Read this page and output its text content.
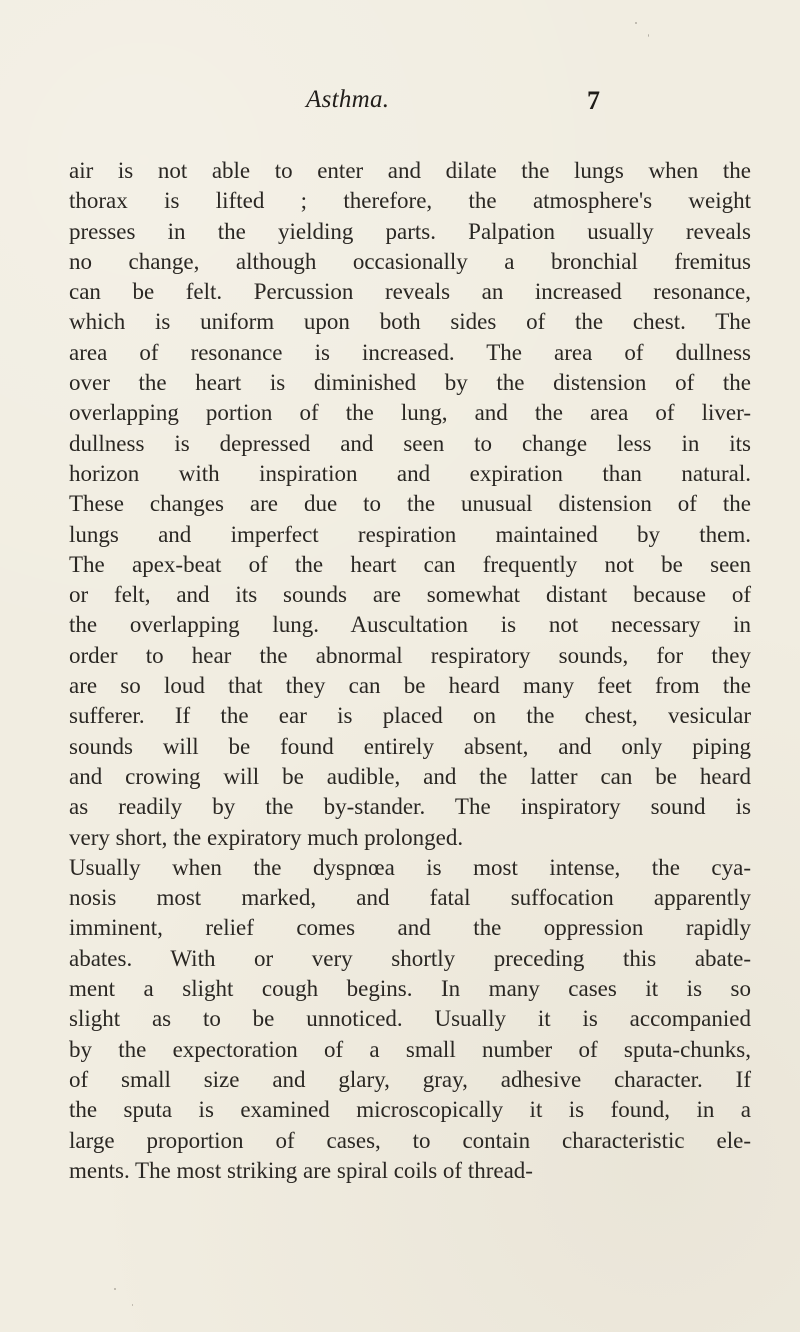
Asthma.	7
air is not able to enter and dilate the lungs when the
thorax is lifted ; therefore, the atmosphere's weight
presses in the yielding parts. Palpation usually reveals
no change, although occasionally a bronchial fremitus
can be felt. Percussion reveals an increased resonance,
which is uniform upon both sides of the chest. The
area of resonance is increased. The area of dullness
over the heart is diminished by the distension of the
overlapping portion of the lung, and the area of liver-
dullness is depressed and seen to change less in its
horizon with inspiration and expiration than natural.
These changes are due to the unusual distension of the
lungs and imperfect respiration maintained by them.
The apex-beat of the heart can frequently not be seen
or felt, and its sounds are somewhat distant because of
the overlapping lung. Auscultation is not necessary in
order to hear the abnormal respiratory sounds, for they
are so loud that they can be heard many feet from the
sufferer. If the ear is placed on the chest, vesicular
sounds will be found entirely absent, and only piping
and crowing will be audible, and the latter can be heard
as readily by the by-stander. The inspiratory sound is
very short, the expiratory much prolonged.
Usually when the dyspnœa is most intense, the cya-
nosis most marked, and fatal suffocation apparently
imminent, relief comes and the oppression rapidly
abates. With or very shortly preceding this abate-
ment a slight cough begins. In many cases it is so
slight as to be unnoticed. Usually it is accompanied
by the expectoration of a small number of sputa-chunks,
of small size and glary, gray, adhesive character. If
the sputa is examined microscopically it is found, in a
large proportion of cases, to contain characteristic ele-
ments. The most striking are spiral coils of thread-
